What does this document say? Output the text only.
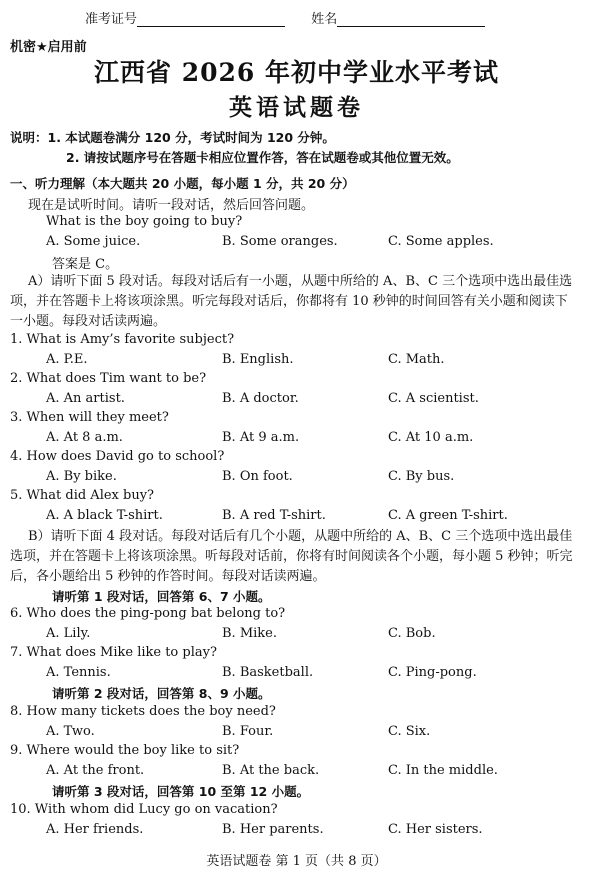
准考证号	姓名
机密★启用前
江西省 2026 年初中学业水平考试
英语试题卷
说明：1. 本试题卷满分 120 分，考试时间为 120 分钟。
2. 请按试题序号在答题卡相应位置作答，答在试题卷或其他位置无效。
一、听力理解（本大题共 20 小题，每小题 1 分，共 20 分）
现在是试听时间。请听一段对话，然后回答问题。
What is the boy going to buy?
A. Some juice.	B. Some oranges.	C. Some apples.
答案是 C。
A）请听下面 5 段对话。每段对话后有一小题，从题中所给的 A、B、C 三个选项中选出最佳选项，并在答题卡上将该项涂黑。听完每段对话后，你都将有 10 秒钟的时间回答有关小题和阅读下一小题。每段对话读两遍。
1. What is Amy’s favorite subject?
A. P.E.	B. English.	C. Math.
2. What does Tim want to be?
A. An artist.	B. A doctor.	C. A scientist.
3. When will they meet?
A. At 8 a.m.	B. At 9 a.m.	C. At 10 a.m.
4. How does David go to school?
A. By bike.	B. On foot.	C. By bus.
5. What did Alex buy?
A. A black T-shirt.	B. A red T-shirt.	C. A green T-shirt.
B）请听下面 4 段对话。每段对话后有几个小题，从题中所给的 A、B、C 三个选项中选出最佳选项，并在答题卡上将该项涂黑。听每段对话前，你将有时间阅读各个小题，每小题 5 秒钟；听完后，各小题给出 5 秒钟的作答时间。每段对话读两遍。
请听第 1 段对话，回答第 6、7 小题。
6. Who does the ping-pong bat belong to?
A. Lily.	B. Mike.	C. Bob.
7. What does Mike like to play?
A. Tennis.	B. Basketball.	C. Ping-pong.
请听第 2 段对话，回答第 8、9 小题。
8. How many tickets does the boy need?
A. Two.	B. Four.	C. Six.
9. Where would the boy like to sit?
A. At the front.	B. At the back.	C. In the middle.
请听第 3 段对话，回答第 10 至第 12 小题。
10. With whom did Lucy go on vacation?
A. Her friends.	B. Her parents.	C. Her sisters.
英语试题卷 第 1 页（共 8 页）
